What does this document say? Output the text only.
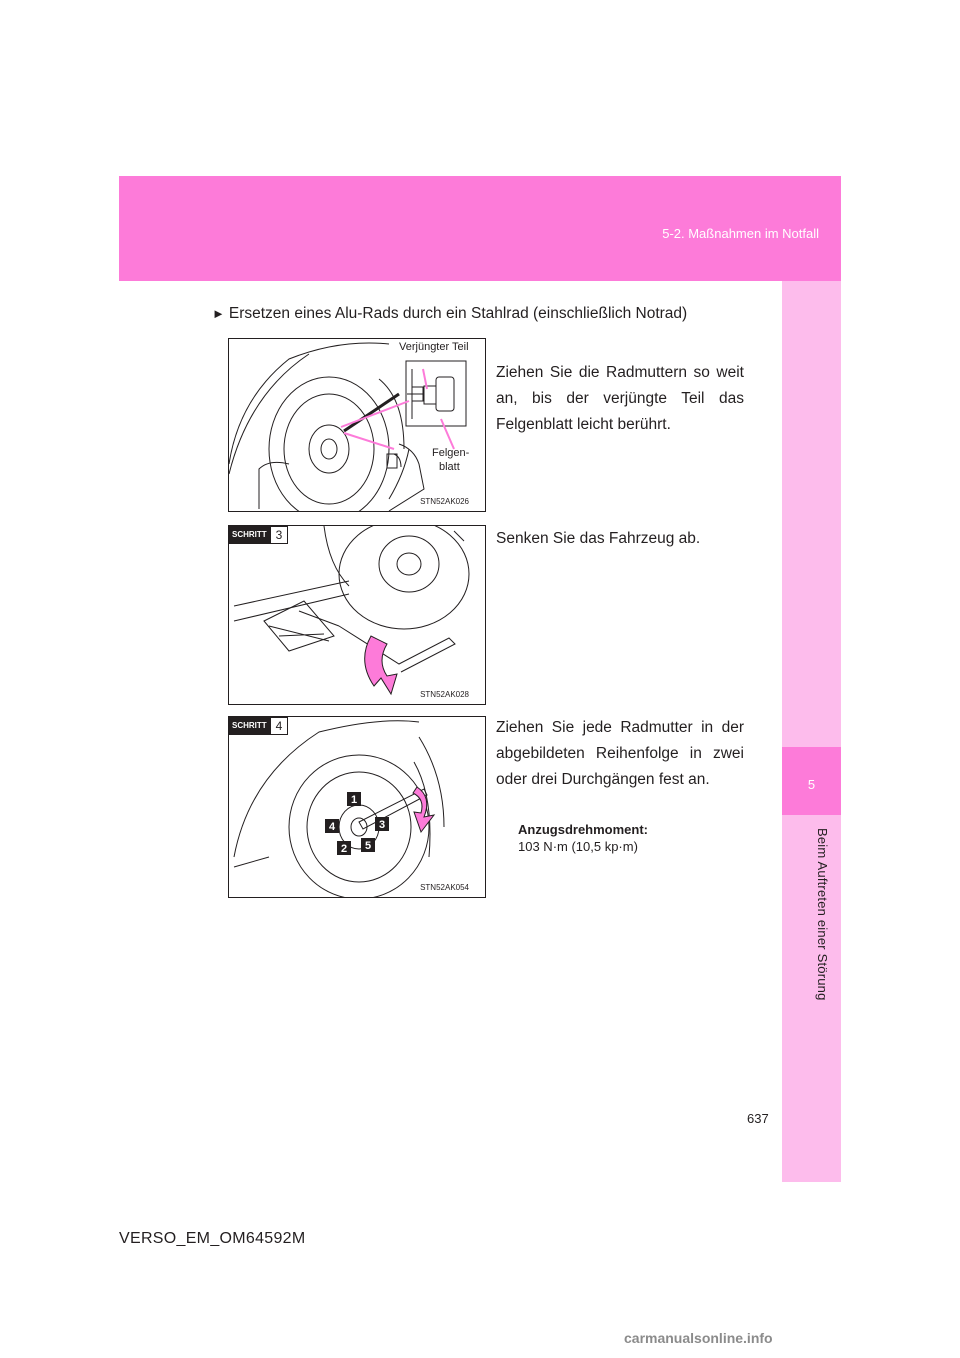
5-2. Maßnahmen im Notfall
5
Beim Auftreten einer Störung
► Ersetzen eines Alu-Rads durch ein Stahlrad (einschließlich Notrad)
Verjüngter Teil
Felgen-
blatt
STN52AK026
SCHRITT 3
STN52AK028
1
2
3
4
5
SCHRITT 4
STN52AK054
Ziehen Sie die Radmuttern so weit an, bis der verjüngte Teil das Felgenblatt leicht berührt.
Senken Sie das Fahrzeug ab.
Ziehen Sie jede Radmutter in der abgebildeten Reihenfolge in zwei oder drei Durchgängen fest an.
Anzugsdrehmoment:
103 N·m (10,5 kp·m)
637
VERSO_EM_OM64592M
carmanualsonline.info
